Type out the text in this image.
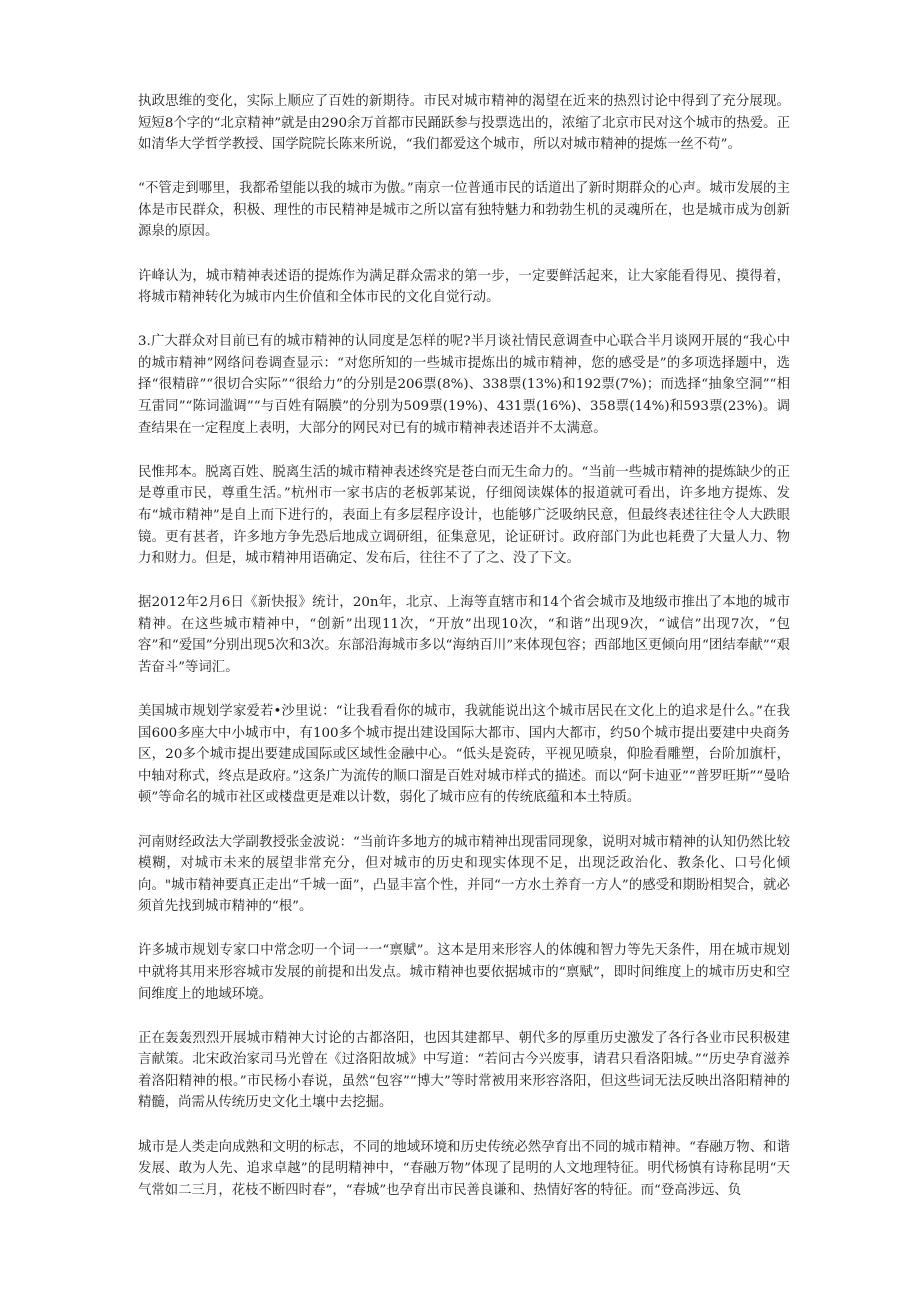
执政思维的变化，实际上顺应了百姓的新期待。市民对城市精神的渴望在近来的热烈讨论中得到了充分展现。短短8个字的“北京精神”就是由290余万首都市民踊跃参与投票选出的，浓缩了北京市民对这个城市的热爱。正如清华大学哲学教授、国学院院长陈来所说，“我们都爱这个城市，所以对城市精神的提炼一丝不苟”。

“不管走到哪里，我都希望能以我的城市为傲。”南京一位普通市民的话道出了新时期群众的心声。城市发展的主体是市民群众，积极、理性的市民精神是城市之所以富有独特魅力和勃勃生机的灵魂所在，也是城市成为创新源泉的原因。

许峰认为，城市精神表述语的提炼作为满足群众需求的第一步，一定要鲜活起来，让大家能看得见、摸得着，将城市精神转化为城市内生价值和全体市民的文化自觉行动。

3.广大群众对目前已有的城市精神的认同度是怎样的呢?半月谈社情民意调查中心联合半月谈网开展的“我心中的城市精神”网络问卷调查显示：“对您所知的一些城市提炼出的城市精神，您的感受是”的多项选择题中，选择“很精辟”“很切合实际”“很给力”的分别是206票(8%)、338票(13%)和192票(7%)；而选择“抽象空洞”“相互雷同”“陈词滥调”“与百姓有隔膜”的分别为509票(19%)、431票(16%)、358票(14%)和593票(23%)。调查结果在一定程度上表明，大部分的网民对已有的城市精神表述语并不太满意。

民惟邦本。脱离百姓、脱离生活的城市精神表述终究是苍白而无生命力的。“当前一些城市精神的提炼缺少的正是尊重市民，尊重生活。”杭州市一家书店的老板郭某说，仔细阅读媒体的报道就可看出，许多地方提炼、发布“城市精神”是自上而下进行的，表面上有多层程序设计，也能够广泛吸纳民意，但最终表述往往令人大跌眼镜。更有甚者，许多地方争先恐后地成立调研组，征集意见，论证研讨。政府部门为此也耗费了大量人力、物力和财力。但是，城市精神用语确定、发布后，往往不了了之、没了下文。

据2012年2月6日《新快报》统计，20n年，北京、上海等直辖市和14个省会城市及地级市推出了本地的城市精神。在这些城市精神中，“创新”出现11次，“开放”出现10次，“和谐”出现9次，“诚信”出现7次，“包容”和“爱国”分别出现5次和3次。东部沿海城市多以“海纳百川”来体现包容；西部地区更倾向用“团结奉献”“艰苦奋斗”等词汇。

美国城市规划学家爱若•沙里说：“让我看看你的城市，我就能说出这个城市居民在文化上的追求是什么。”在我国600多座大中小城市中，有100多个城市提出建设国际大都市、国内大都市，约50个城市提出要建中央商务区，20多个城市提出要建成国际或区域性金融中心。“低头是瓷砖，平视见喷泉，仰脸看雕塑，台阶加旗杆，中轴对称式，终点是政府。”这条广为流传的顺口溜是百姓对城市样式的描述。而以“阿卡迪亚”“普罗旺斯”“曼哈顿”等命名的城市社区或楼盘更是难以计数，弱化了城市应有的传统底蕴和本土特质。

河南财经政法大学副教授张金波说：“当前许多地方的城市精神出现雷同现象，说明对城市精神的认知仍然比较模糊，对城市未来的展望非常充分，但对城市的历史和现实体现不足，出现泛政治化、教条化、口号化倾向。"城市精神要真正走出“千城一面”，凸显丰富个性，并同“一方水土养育一方人”的感受和期盼相契合，就必须首先找到城市精神的“根”。

许多城市规划专家口中常念叨一个词一一“禀赋”。这本是用来形容人的体魄和智力等先天条件，用在城市规划中就将其用来形容城市发展的前提和出发点。城市精神也要依据城市的“禀赋”，即时间维度上的城市历史和空间维度上的地域环境。

正在轰轰烈烈开展城市精神大讨论的古都洛阳，也因其建都早、朝代多的厚重历史激发了各行各业市民积极建言献策。北宋政治家司马光曾在《过洛阳故城》中写道：“若问古今兴废事，请君只看洛阳城。”“历史孕育滋养着洛阳精神的根。”市民杨小春说，虽然“包容”“博大”等时常被用来形容洛阳，但这些词无法反映出洛阳精神的精髓，尚需从传统历史文化土壤中去挖掘。

城市是人类走向成熟和文明的标志，不同的地域环境和历史传统必然孕育出不同的城市精神。“春融万物、和谐发展、敢为人先、追求卓越”的昆明精神中，“春融万物”体现了昆明的人文地理特征。明代杨慎有诗称昆明“天气常如二三月，花枝不断四时春”，“春城”也孕育出市民善良谦和、热情好客的特征。而“登高涉远、负
